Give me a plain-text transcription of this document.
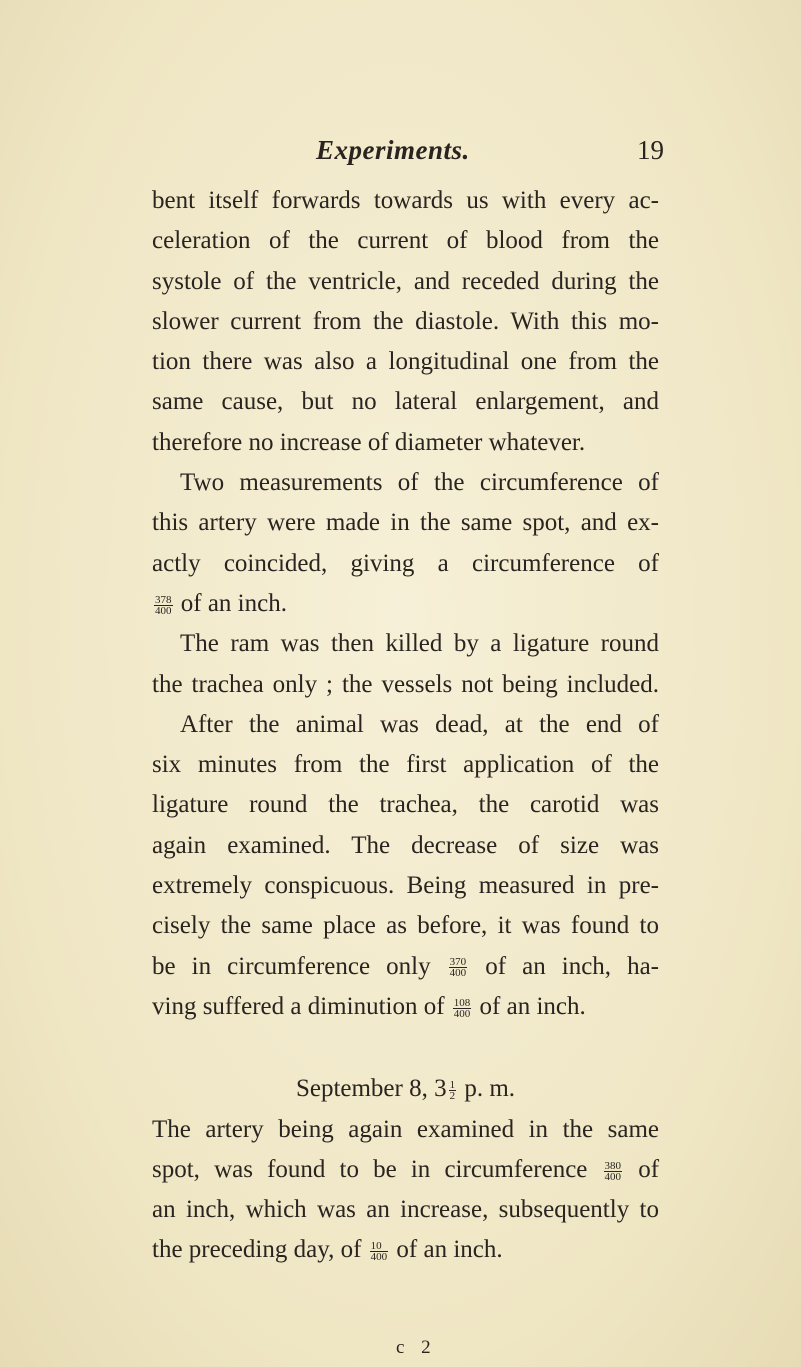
Experiments.	19
bent itself forwards towards us with every ac-
celeration of the current of blood from the
systole of the ventricle, and receded during the
slower current from the diastole. With this mo-
tion there was also a longitudinal one from the
same cause, but no lateral enlargement, and
therefore no increase of diameter whatever.
Two measurements of the circumference of
this artery were made in the same spot, and ex-
actly coincided, giving a circumference of
$\frac{378}{400}$ of an inch.
The ram was then killed by a ligature round
the trachea only ; the vessels not being included.
After the animal was dead, at the end of
six minutes from the first application of the
ligature round the trachea, the carotid was
again examined. The decrease of size was
extremely conspicuous. Being measured in pre-
cisely the same place as before, it was found to
be in circumference only $\frac{370}{400}$ of an inch, ha-
ving suffered a diminution of $\frac{108}{400}$ of an inch.
September 8, $3 \frac{1}{2} p$. m.
The artery being again examined in the same
spot, was found to be in circumference $\frac{380}{400}$ of
an inch, which was an increase, subsequently to
the preceding day, of $\frac{10}{400}$ of an inch.
c 2
